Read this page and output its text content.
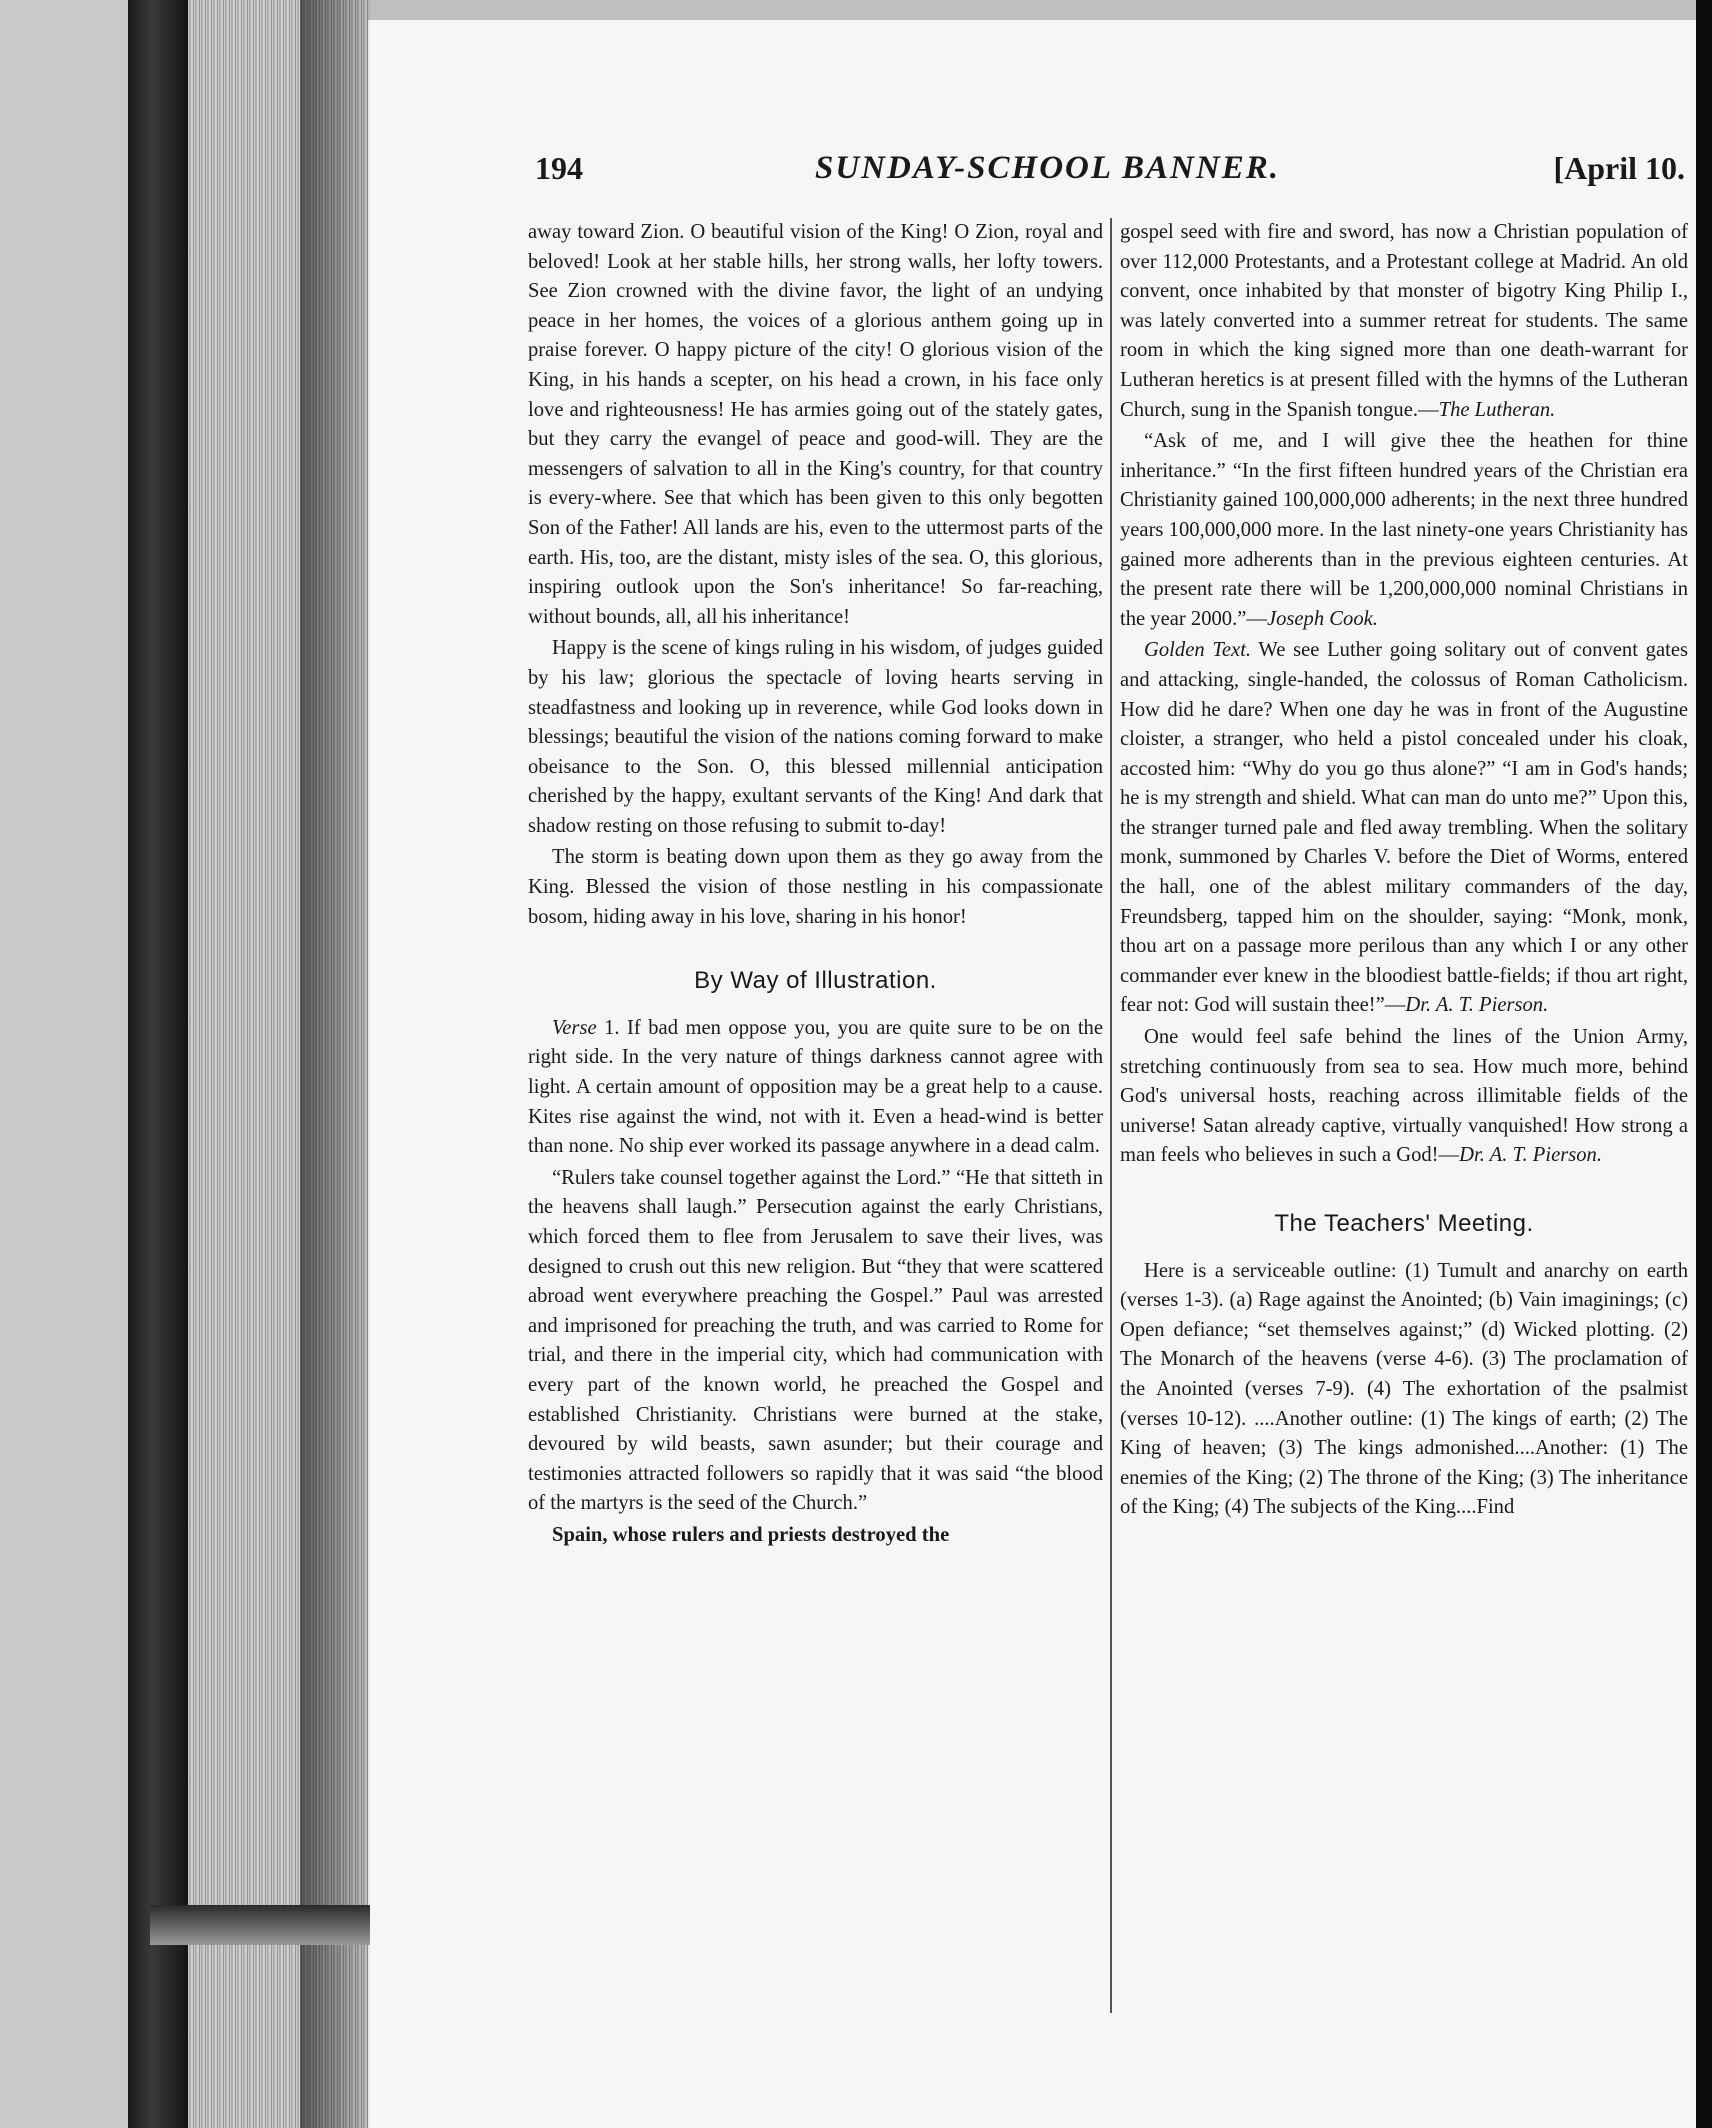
194	SUNDAY-SCHOOL BANNER.	[April 10.

away toward Zion. O beautiful vision of the King! O Zion, royal and beloved! Look at her stable hills, her strong walls, her lofty towers. See Zion crowned with the divine favor, the light of an undying peace in her homes, the voices of a glorious anthem going up in praise forever. O happy picture of the city! O glorious vision of the King, in his hands a scepter, on his head a crown, in his face only love and righteousness! He has armies going out of the stately gates, but they carry the evangel of peace and good-will. They are the messengers of salvation to all in the King's country, for that country is every-where. See that which has been given to this only begotten Son of the Father! All lands are his, even to the uttermost parts of the earth. His, too, are the distant, misty isles of the sea. O, this glorious, inspiring outlook upon the Son's inheritance! So far-reaching, without bounds, all, all his inheritance!

Happy is the scene of kings ruling in his wisdom, of judges guided by his law; glorious the spectacle of loving hearts serving in steadfastness and looking up in reverence, while God looks down in blessings; beautiful the vision of the nations coming forward to make obeisance to the Son. O, this blessed millennial anticipation cherished by the happy, exultant servants of the King! And dark that shadow resting on those refusing to submit to-day!

The storm is beating down upon them as they go away from the King. Blessed the vision of those nestling in his compassionate bosom, hiding away in his love, sharing in his honor!

By Way of Illustration.

Verse 1. If bad men oppose you, you are quite sure to be on the right side. In the very nature of things darkness cannot agree with light. A certain amount of opposition may be a great help to a cause. Kites rise against the wind, not with it. Even a head-wind is better than none. No ship ever worked its passage anywhere in a dead calm.

“Rulers take counsel together against the Lord.” “He that sitteth in the heavens shall laugh.” Persecution against the early Christians, which forced them to flee from Jerusalem to save their lives, was designed to crush out this new religion. But “they that were scattered abroad went everywhere preaching the Gospel.” Paul was arrested and imprisoned for preaching the truth, and was carried to Rome for trial, and there in the imperial city, which had communication with every part of the known world, he preached the Gospel and established Christianity. Christians were burned at the stake, devoured by wild beasts, sawn asunder; but their courage and testimonies attracted followers so rapidly that it was said “the blood of the martyrs is the seed of the Church.”

Spain, whose rulers and priests destroyed the

gospel seed with fire and sword, has now a Christian population of over 112,000 Protestants, and a Protestant college at Madrid. An old convent, once inhabited by that monster of bigotry King Philip I., was lately converted into a summer retreat for students. The same room in which the king signed more than one death-warrant for Lutheran heretics is at present filled with the hymns of the Lutheran Church, sung in the Spanish tongue.—The Lutheran.

“Ask of me, and I will give thee the heathen for thine inheritance.” “In the first fifteen hundred years of the Christian era Christianity gained 100,000,000 adherents; in the next three hundred years 100,000,000 more. In the last ninety-one years Christianity has gained more adherents than in the previous eighteen centuries. At the present rate there will be 1,200,000,000 nominal Christians in the year 2000.”—Joseph Cook.

Golden Text. We see Luther going solitary out of convent gates and attacking, single-handed, the colossus of Roman Catholicism. How did he dare? When one day he was in front of the Augustine cloister, a stranger, who held a pistol concealed under his cloak, accosted him: “Why do you go thus alone?” “I am in God's hands; he is my strength and shield. What can man do unto me?” Upon this, the stranger turned pale and fled away trembling. When the solitary monk, summoned by Charles V. before the Diet of Worms, entered the hall, one of the ablest military commanders of the day, Freundsberg, tapped him on the shoulder, saying: “Monk, monk, thou art on a passage more perilous than any which I or any other commander ever knew in the bloodiest battle-fields; if thou art right, fear not: God will sustain thee!”—Dr. A. T. Pierson.

One would feel safe behind the lines of the Union Army, stretching continuously from sea to sea. How much more, behind God's universal hosts, reaching across illimitable fields of the universe! Satan already captive, virtually vanquished! How strong a man feels who believes in such a God!—Dr. A. T. Pierson.

The Teachers' Meeting.

Here is a serviceable outline: (1) Tumult and anarchy on earth (verses 1-3). (a) Rage against the Anointed; (b) Vain imaginings; (c) Open defiance; “set themselves against;” (d) Wicked plotting. (2) The Monarch of the heavens (verse 4-6). (3) The proclamation of the Anointed (verses 7-9). (4) The exhortation of the psalmist (verses 10-12). ....Another outline: (1) The kings of earth; (2) The King of heaven; (3) The kings admonished....Another: (1) The enemies of the King; (2) The throne of the King; (3) The inheritance of the King; (4) The subjects of the King....Find
